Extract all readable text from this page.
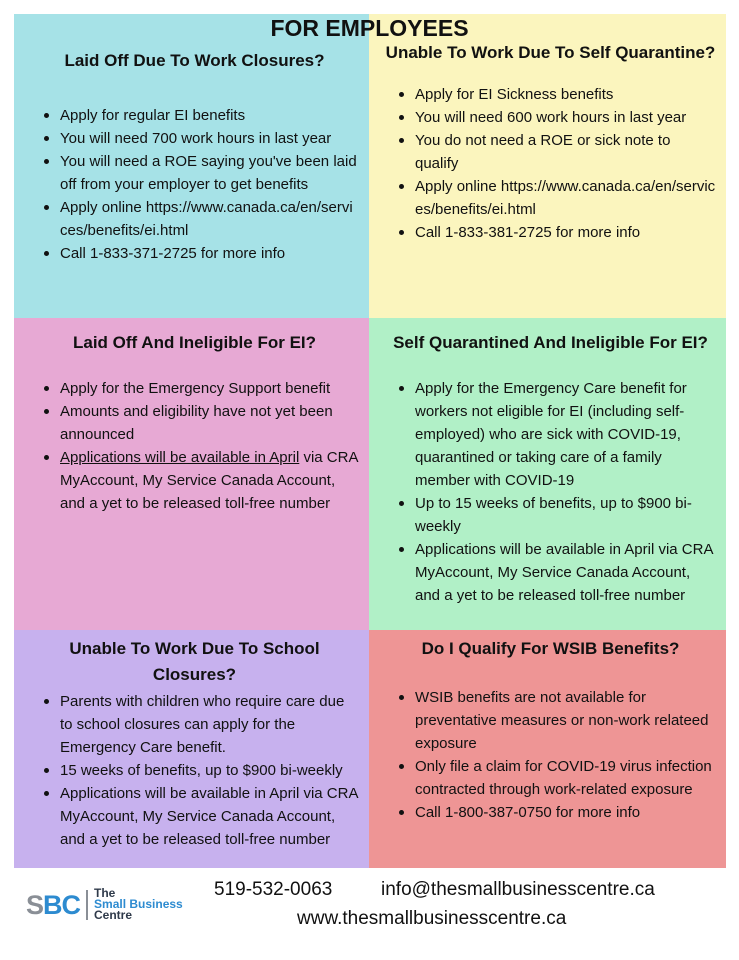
FOR EMPLOYEES
Laid Off Due To Work Closures?
Apply for regular EI benefits
You will need 700 work hours in last year
You will need a ROE saying you've been laid off from your employer to get benefits
Apply online https://www.canada.ca/en/services/benefits/ei.html
Call 1-833-371-2725 for more info
Unable To Work Due To Self Quarantine?
Apply for EI Sickness benefits
You will need 600 work hours in last year
You do not need a ROE or sick note to qualify
Apply online https://www.canada.ca/en/services/benefits/ei.html
Call 1-833-381-2725 for more info
Laid Off And Ineligible For EI?
Apply for the Emergency Support benefit
Amounts and eligibility have not yet been announced
Applications will be available in April via CRA MyAccount, My Service Canada Account, and a yet to be released toll-free number
Self Quarantined And Ineligible For EI?
Apply for the Emergency Care benefit for workers not eligible for EI (including self-employed) who are sick with COVID-19, quarantined or taking care of a family member with COVID-19
Up to 15 weeks of benefits, up to $900 bi-weekly
Applications will be available in April via CRA MyAccount, My Service Canada Account, and a yet to be released toll-free number
Unable To Work Due To School Closures?
Parents with children who require care due to school closures can apply for the Emergency Care benefit.
15 weeks of benefits, up to $900 bi-weekly
Applications will be available in April via CRA MyAccount, My Service Canada Account, and a yet to be released toll-free number
Do I Qualify For WSIB Benefits?
WSIB benefits are not available for preventative measures or non-work relateed exposure
Only file a claim for COVID-19 virus infection contracted through work-related exposure
Call 1-800-387-0750 for more info
S BC The
Small Business
Centre
519-532-0063	info@thesmallbusinesscentre.ca
www.thesmallbusinesscentre.ca
